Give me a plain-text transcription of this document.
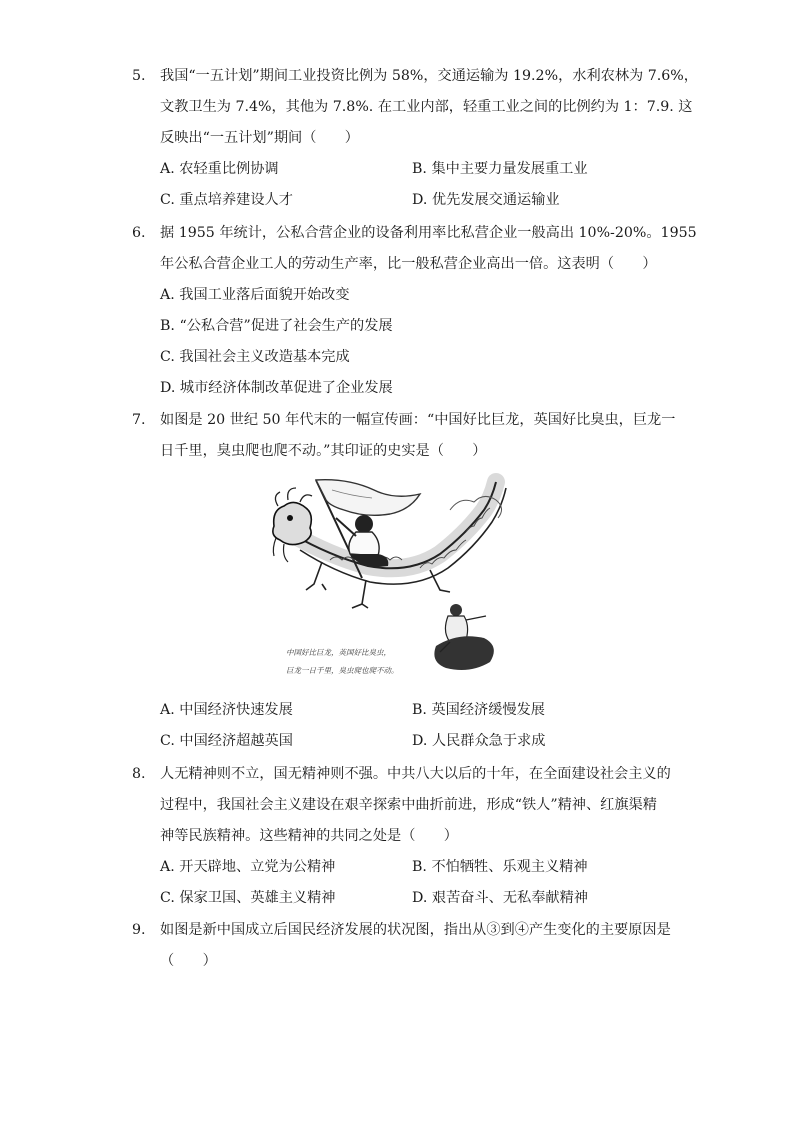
5. 我国“一五计划”期间工业投资比例为 58%，交通运输为 19.2%，水利农林为 7.6%，
文教卫生为 7.4%，其他为 7.8%. 在工业内部，轻重工业之间的比例约为 1：7.9. 这
反映出“一五计划”期间（　　）
A. 农轻重比例协调	B. 集中主要力量发展重工业
C. 重点培养建设人才	D. 优先发展交通运输业
6. 据 1955 年统计，公私合营企业的设备利用率比私营企业一般高出 10%-20%。1955
年公私合营企业工人的劳动生产率，比一般私营企业高出一倍。这表明（　　）
A. 我国工业落后面貌开始改变
B. “公私合营”促进了社会生产的发展
C. 我国社会主义改造基本完成
D. 城市经济体制改革促进了企业发展
7. 如图是 20 世纪 50 年代末的一幅宣传画：“中国好比巨龙，英国好比臭虫，巨龙一
日千里，臭虫爬也爬不动。”其印证的史实是（　　）
中国好比巨龙，英国好比臭虫，
巨龙一日千里，臭虫爬也爬不动。
A. 中国经济快速发展	B. 英国经济缓慢发展
C. 中国经济超越英国	D. 人民群众急于求成
8. 人无精神则不立，国无精神则不强。中共八大以后的十年，在全面建设社会主义的
过程中，我国社会主义建设在艰辛探索中曲折前进，形成“铁人”精神、红旗渠精
神等民族精神。这些精神的共同之处是（　　）
A. 开天辟地、立党为公精神	B. 不怕牺牲、乐观主义精神
C. 保家卫国、英雄主义精神	D. 艰苦奋斗、无私奉献精神
9. 如图是新中国成立后国民经济发展的状况图，指出从③到④产生变化的主要原因是
（　　）
